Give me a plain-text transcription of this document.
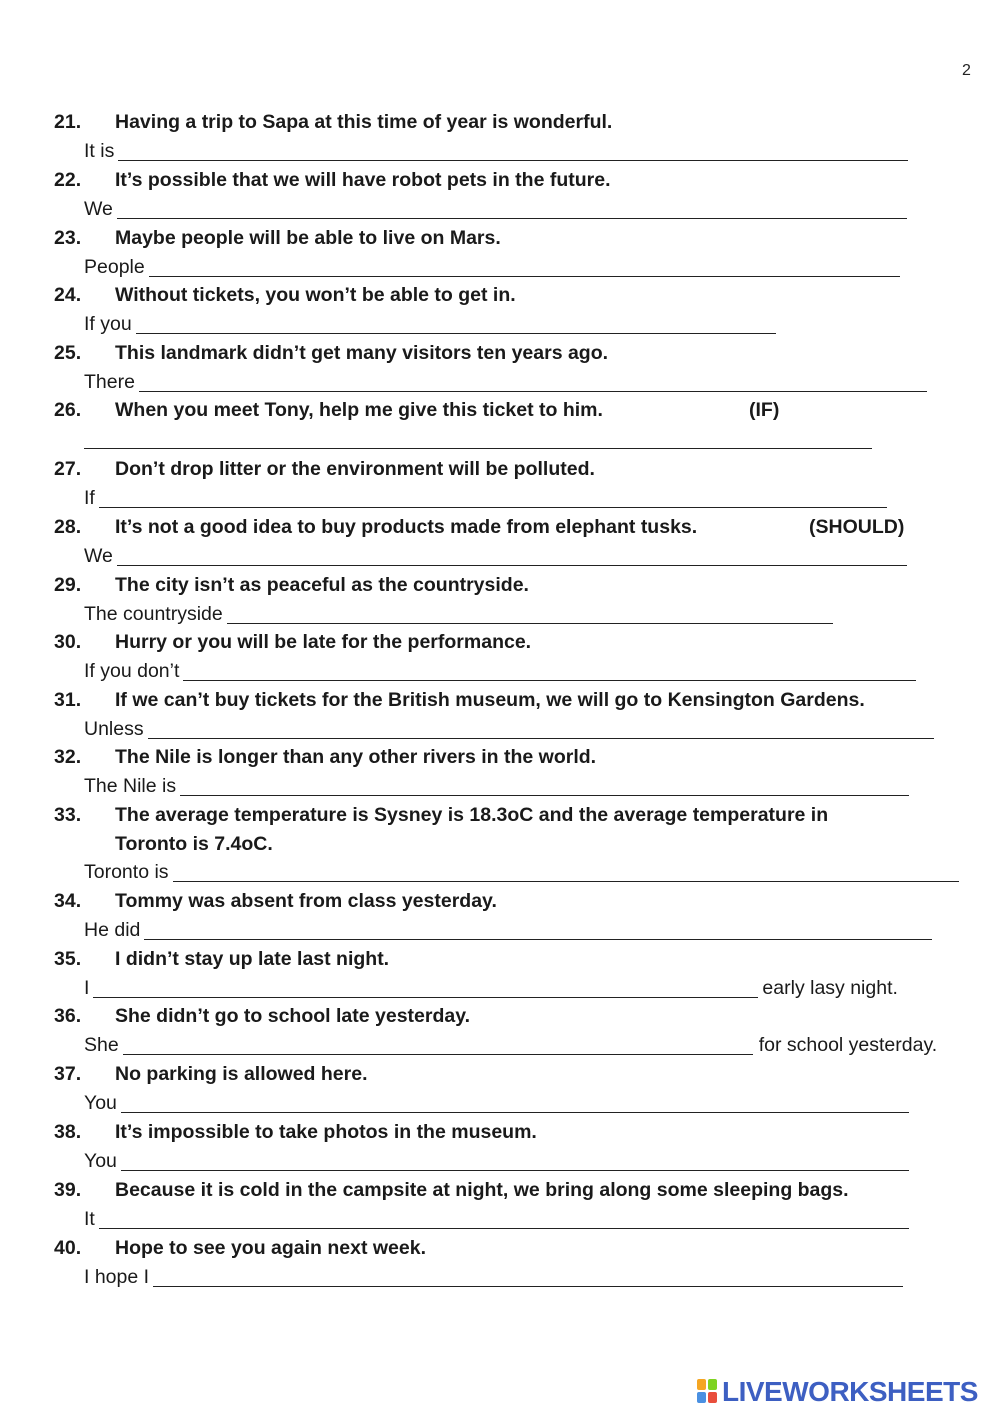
2
21. Having a trip to Sapa at this time of year is wonderful.
It is
22. It’s possible that we will have robot pets in the future.
We
23. Maybe people will be able to live on Mars.
People
24. Without tickets, you won’t be able to get in.
If you
25. This landmark didn’t get many visitors ten years ago.
There
26. When you meet Tony, help me give this ticket to him.	(IF)
27. Don’t drop litter or the environment will be polluted.
If
28. It’s not a good idea to buy products made from elephant tusks.	(SHOULD)
We
29. The city isn’t as peaceful as the countryside.
The countryside
30. Hurry or you will be late for the performance.
If you don’t
31. If we can’t buy tickets for the British museum, we will go to Kensington Gardens.
Unless
32. The Nile is longer than any other rivers in the world.
The Nile is
33. The average temperature is Sysney is 18.3oC and the average temperature in
Toronto is 7.4oC.
Toronto is
34. Tommy was absent from class yesterday.
He did
35. I didn’t stay up late last night.
I	early lasy night.
36. She didn’t go to school late yesterday.
She	for school yesterday.
37. No parking is allowed here.
You
38. It’s impossible to take photos in the museum.
You
39. Because it is cold in the campsite at night, we bring along some sleeping bags.
It
40. Hope to see you again next week.
I hope I
LIVEWORKSHEETS
